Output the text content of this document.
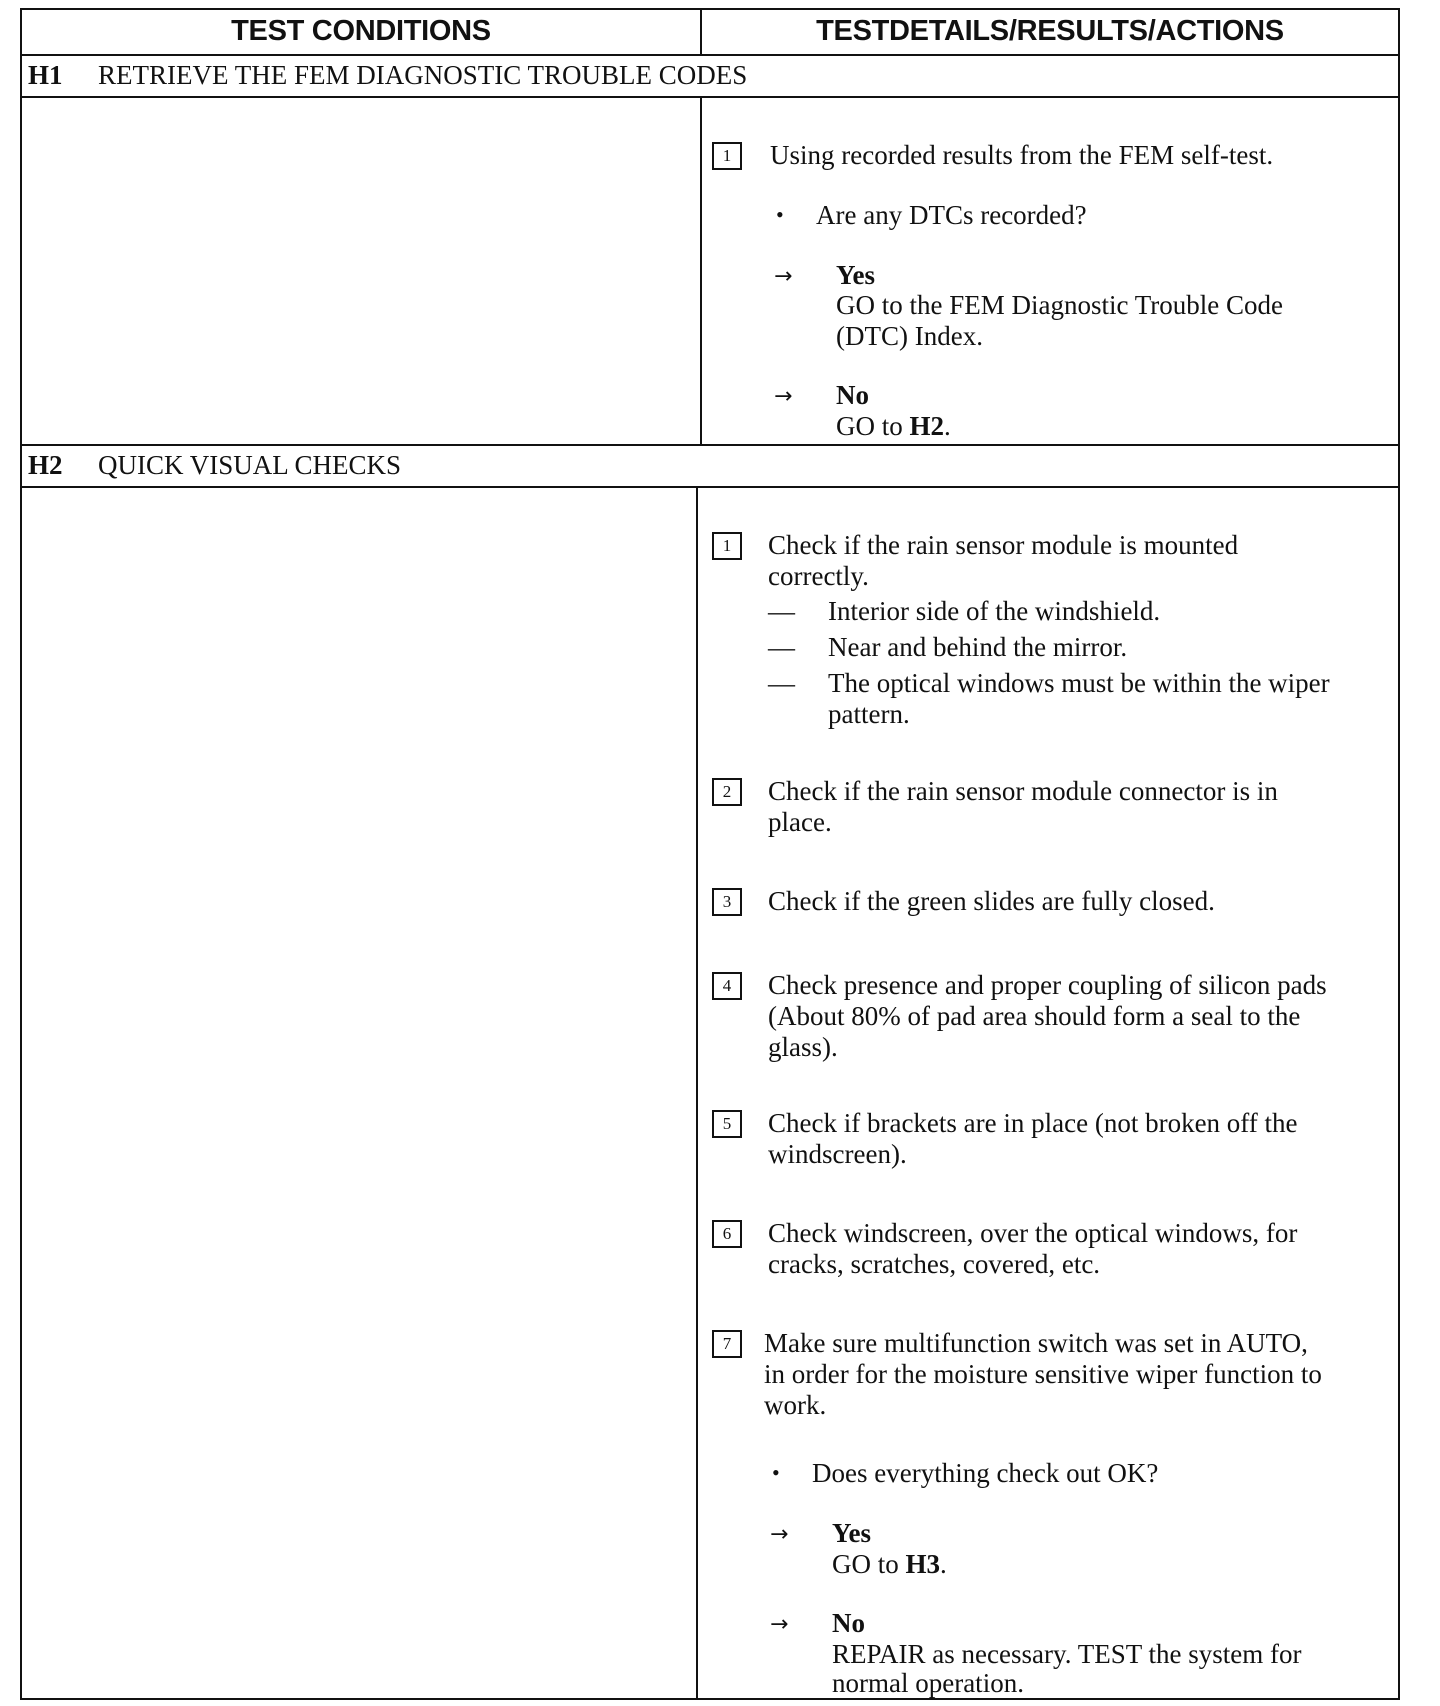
TEST CONDITIONS	TESTDETAILS/RESULTS/ACTIONS
H1 RETRIEVE THE FEM DIAGNOSTIC TROUBLE CODES
1	Using recorded results from the FEM self-test.
• Are any DTCs recorded?
→ Yes
GO to the FEM Diagnostic Trouble Code
(DTC) Index.
→ No
GO to H2.
H2 QUICK VISUAL CHECKS
1	Check if the rain sensor module is mounted
correctly.
— Interior side of the windshield.
— Near and behind the mirror.
— The optical windows must be within the wiper
pattern.
2	Check if the rain sensor module connector is in
place.
3	Check if the green slides are fully closed.
4	Check presence and proper coupling of silicon pads
(About 80% of pad area should form a seal to the
glass).
5	Check if brackets are in place (not broken off the
windscreen).
6	Check windscreen, over the optical windows, for
cracks, scratches, covered, etc.
7	Make sure multifunction switch was set in AUTO,
in order for the moisture sensitive wiper function to
work.
• Does everything check out OK?
→ Yes
GO to H3.
→ No
REPAIR as necessary. TEST the system for
normal operation.
